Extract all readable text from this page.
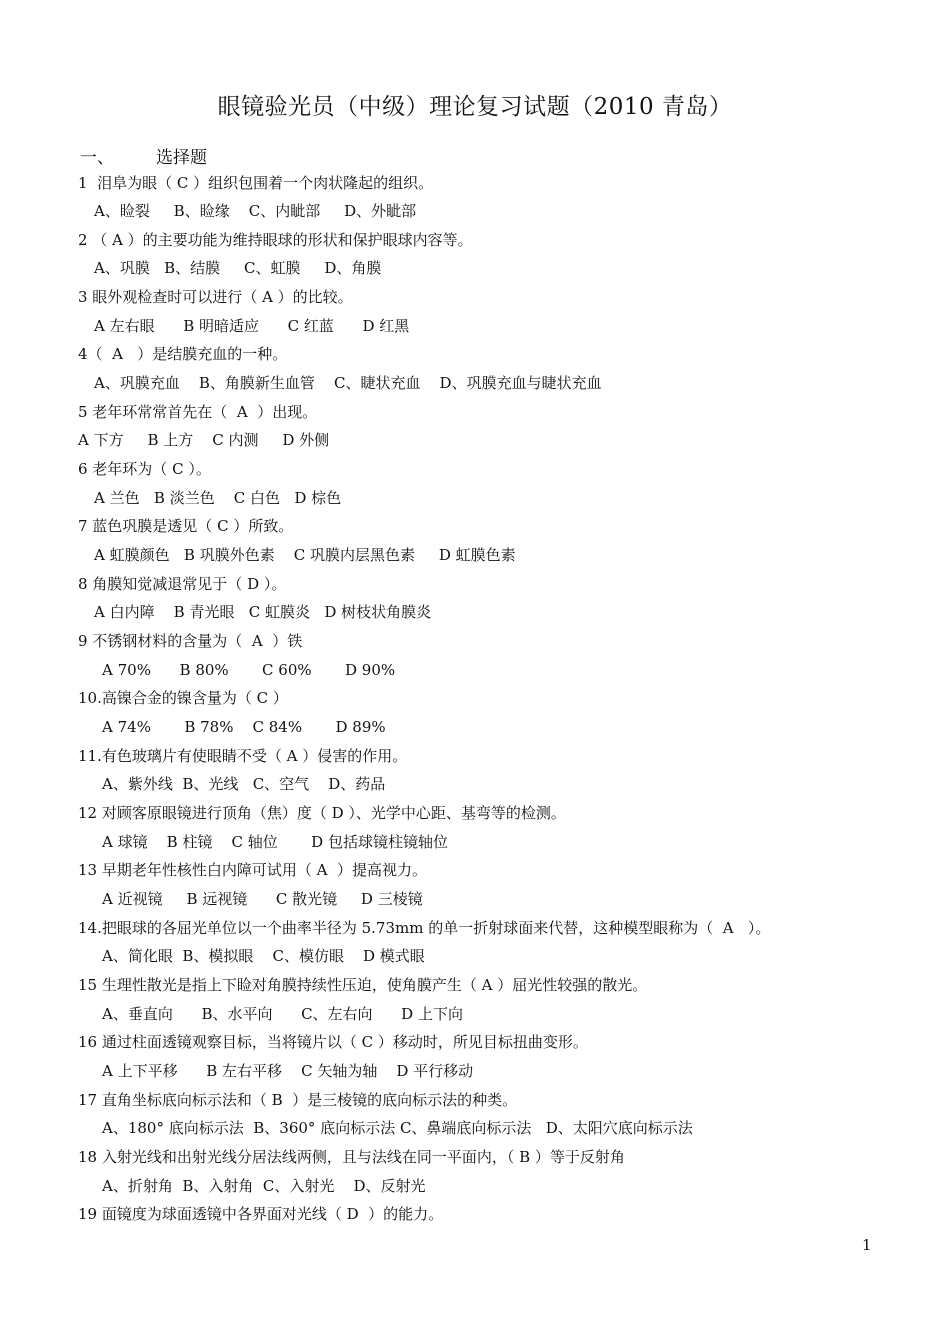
眼镜验光员（中级）理论复习试题（2010 青岛）
一、 选择题
1  泪阜为眼（ C ）组织包围着一个肉状隆起的组织。
A、睑裂     B、睑缘    C、内眦部     D、外眦部
2 （ A ）的主要功能为维持眼球的形状和保护眼球内容等。
A、巩膜   B、结膜     C、虹膜     D、角膜
3 眼外观检查时可以进行（ A ）的比较。
A 左右眼      B 明暗适应      C 红蓝      D 红黑
4（  A   ）是结膜充血的一种。
A、巩膜充血    B、角膜新生血管    C、睫状充血    D、巩膜充血与睫状充血
5 老年环常常首先在（  A  ）出现。
A 下方     B 上方    C 内测     D 外侧
6 老年环为（ C ）。
A 兰色   B 淡兰色    C 白色   D 棕色
7 蓝色巩膜是透见（ C ）所致。
A 虹膜颜色   B 巩膜外色素    C 巩膜内层黑色素     D 虹膜色素
8 角膜知觉减退常见于（ D ）。
A 白内障    B 青光眼   C 虹膜炎   D 树枝状角膜炎
9 不锈钢材料的含量为（  A  ）铁
A 70%      B 80%       C 60%       D 90%
10.高镍合金的镍含量为（ C ）
A 74%       B 78%    C 84%       D 89%
11.有色玻璃片有使眼睛不受（ A ）侵害的作用。
A、紫外线  B、光线   C、空气    D、药品
12 对顾客原眼镜进行顶角（焦）度（ D ）、光学中心距、基弯等的检测。
A 球镜    B 柱镜    C 轴位       D 包括球镜柱镜轴位
13 早期老年性核性白内障可试用（ A  ）提高视力。
A 近视镜     B 远视镜      C 散光镜     D 三棱镜
14.把眼球的各屈光单位以一个曲率半径为 5.73mm 的单一折射球面来代替，这种模型眼称为（  A   ）。
A、简化眼  B、模拟眼    C、模仿眼    D 模式眼
15 生理性散光是指上下睑对角膜持续性压迫，使角膜产生（ A ）屈光性较强的散光。
A、垂直向      B、水平向      C、左右向      D 上下向
16 通过柱面透镜观察目标，当将镜片以（ C ）移动时，所见目标扭曲变形。
A 上下平移      B 左右平移    C 矢轴为轴    D 平行移动
17 直角坐标底向标示法和（ B  ）是三棱镜的底向标示法的种类。
A、180° 底向标示法  B、360° 底向标示法 C、鼻端底向标示法   D、太阳穴底向标示法
18 入射光线和出射光线分居法线两侧，且与法线在同一平面内，（ B ）等于反射角
A、折射角  B、入射角  C、入射光    D、反射光
19 面镜度为球面透镜中各界面对光线（ D  ）的能力。
1
